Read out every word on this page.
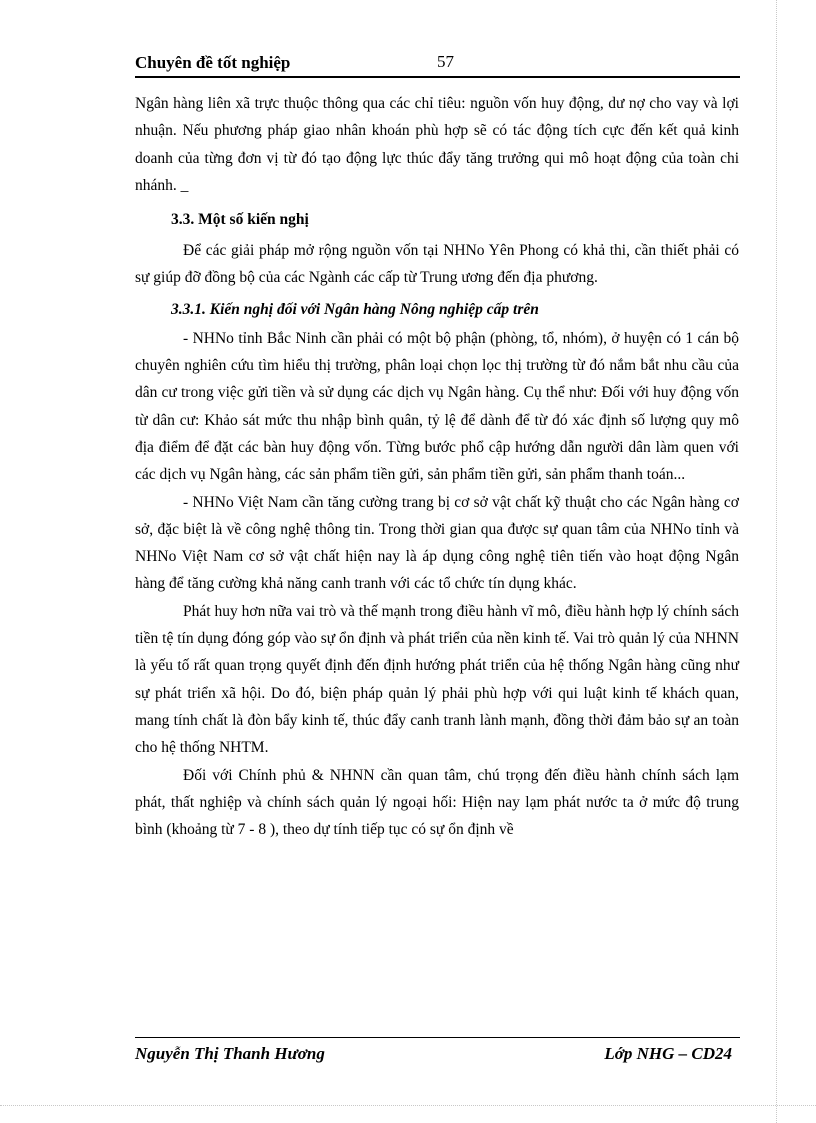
Chuyên đề tốt nghiệp	57

Ngân hàng liên xã trực thuộc thông qua các chỉ tiêu: nguồn vốn huy động, dư nợ cho vay và lợi nhuận. Nếu phương pháp giao nhân khoán phù hợp sẽ có tác động tích cực đến kết quả kinh doanh của từng đơn vị từ đó tạo động lực thúc đẩy tăng trưởng qui mô hoạt động của toàn chi nhánh. _

3.3. Một số kiến nghị

Để các giải pháp mở rộng nguồn vốn tại NHNo Yên Phong có khả thi, cần thiết phải có sự giúp đỡ đồng bộ của các Ngành các cấp từ Trung ương đến địa phương.

3.3.1. Kiến nghị đối với Ngân hàng Nông nghiệp cấp trên

- NHNo tỉnh Bắc Ninh cần phải có một bộ phận (phòng, tổ, nhóm), ở huyện có 1 cán bộ chuyên nghiên cứu tìm hiểu thị trường, phân loại chọn lọc thị trường từ đó nắm bắt nhu cầu của dân cư trong việc gửi tiền và sử dụng các dịch vụ Ngân hàng. Cụ thể như: Đối với huy động vốn từ dân cư: Khảo sát mức thu nhập bình quân, tỷ lệ để dành để từ đó xác định số lượng quy mô địa điểm để đặt các bàn huy động vốn. Từng bước phổ cập hướng dẫn người dân làm quen với các dịch vụ Ngân hàng, các sản phẩm tiền gửi, sản phẩm tiền gửi, sản phẩm thanh toán...

- NHNo Việt Nam cần tăng cường trang bị cơ sở vật chất kỹ thuật cho các Ngân hàng cơ sở, đặc biệt là về công nghệ thông tin. Trong thời gian qua được sự quan tâm của NHNo tỉnh và NHNo Việt Nam cơ sở vật chất hiện nay là áp dụng công nghệ tiên tiến vào hoạt động Ngân hàng để tăng cường khả năng canh tranh với các tổ chức tín dụng khác.

Phát huy hơn nữa vai trò và thế mạnh trong điều hành vĩ mô, điều hành hợp lý chính sách tiền tệ tín dụng đóng góp vào sự ổn định và phát triển của nền kinh tế. Vai trò quản lý của NHNN là yếu tố rất quan trọng quyết định đến định hướng phát triển của hệ thống Ngân hàng cũng như sự phát triển xã hội. Do đó, biện pháp quản lý phải phù hợp với qui luật kinh tế khách quan, mang tính chất là đòn bẩy kinh tế, thúc đẩy canh tranh lành mạnh, đồng thời đảm bảo sự an toàn cho hệ thống NHTM.

Đối với Chính phủ & NHNN cần quan tâm, chú trọng đến điều hành chính sách lạm phát, thất nghiệp và chính sách quản lý ngoại hối: Hiện nay lạm phát nước ta ở mức độ trung bình (khoảng từ 7 - 8 ), theo dự tính tiếp tục có sự ổn định về

Nguyễn Thị Thanh Hương	Lớp NHG – CD24
